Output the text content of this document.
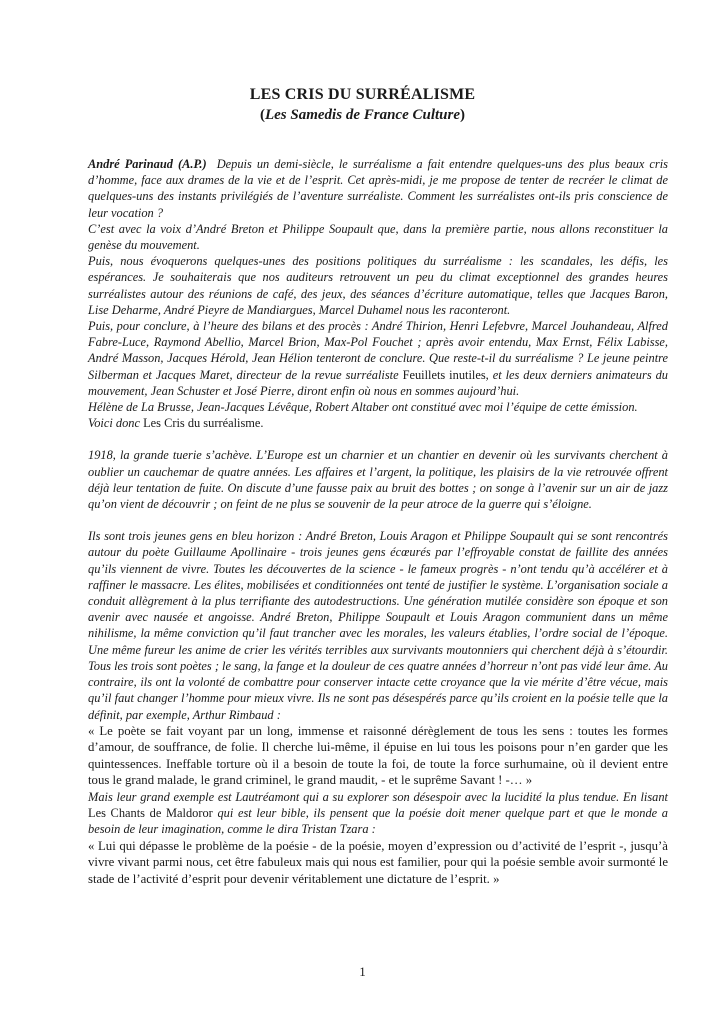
LES CRIS DU SURRÉALISME
(Les Samedis de France Culture)

André Parinaud (A.P.) Depuis un demi-siècle, le surréalisme a fait entendre quelques-uns des plus beaux cris d’homme, face aux drames de la vie et de l’esprit. Cet après-midi, je me propose de tenter de recréer le climat de quelques-uns des instants privilégiés de l’aventure surréaliste. Comment les surréalistes ont-ils pris conscience de leur vocation ?

C’est avec la voix d’André Breton et Philippe Soupault que, dans la première partie, nous allons reconstituer la genèse du mouvement.

Puis, nous évoquerons quelques-unes des positions politiques du surréalisme : les scandales, les défis, les espérances. Je souhaiterais que nos auditeurs retrouvent un peu du climat exceptionnel des grandes heures surréalistes autour des réunions de café, des jeux, des séances d’écriture automatique, telles que Jacques Baron, Lise Deharme, André Pieyre de Mandiargues, Marcel Duhamel nous les raconteront.

Puis, pour conclure, à l’heure des bilans et des procès : André Thirion, Henri Lefebvre, Marcel Jouhandeau, Alfred Fabre-Luce, Raymond Abellio, Marcel Brion, Max-Pol Fouchet ; après avoir entendu, Max Ernst, Félix Labisse, André Masson, Jacques Hérold, Jean Hélion tenteront de conclure. Que reste-t-il du surréalisme ? Le jeune peintre Silberman et Jacques Maret, directeur de la revue surréaliste Feuillets inutiles, et les deux derniers animateurs du mouvement, Jean Schuster et José Pierre, diront enfin où nous en sommes aujourd’hui.

Hélène de La Brusse, Jean-Jacques Lévêque, Robert Altaber ont constitué avec moi l’équipe de cette émission.

Voici donc Les Cris du surréalisme.

1918, la grande tuerie s’achève. L’Europe est un charnier et un chantier en devenir où les survivants cherchent à oublier un cauchemar de quatre années. Les affaires et l’argent, la politique, les plaisirs de la vie retrouvée offrent déjà leur tentation de fuite. On discute d’une fausse paix au bruit des bottes ; on songe à l’avenir sur un air de jazz qu’on vient de découvrir ; on feint de ne plus se souvenir de la peur atroce de la guerre qui s’éloigne.

Ils sont trois jeunes gens en bleu horizon : André Breton, Louis Aragon et Philippe Soupault qui se sont rencontrés autour du poète Guillaume Apollinaire - trois jeunes gens écœurés par l’effroyable constat de faillite des années qu’ils viennent de vivre. Toutes les découvertes de la science - le fameux progrès - n’ont tendu qu’à accélérer et à raffiner le massacre. Les élites, mobilisées et conditionnées ont tenté de justifier le système. L’organisation sociale a conduit allègrement à la plus terrifiante des autodestructions. Une génération mutilée considère son époque et son avenir avec nausée et angoisse. André Breton, Philippe Soupault et Louis Aragon communient dans un même nihilisme, la même conviction qu’il faut trancher avec les morales, les valeurs établies, l’ordre social de l’époque. Une même fureur les anime de crier les vérités terribles aux survivants moutonniers qui cherchent déjà à s’étourdir. Tous les trois sont poètes ; le sang, la fange et la douleur de ces quatre années d’horreur n’ont pas vidé leur âme. Au contraire, ils ont la volonté de combattre pour conserver intacte cette croyance que la vie mérite d’être vécue, mais qu’il faut changer l’homme pour mieux vivre. Ils ne sont pas désespérés parce qu’ils croient en la poésie telle que la définit, par exemple, Arthur Rimbaud :

« Le poète se fait voyant par un long, immense et raisonné dérèglement de tous les sens : toutes les formes d’amour, de souffrance, de folie. Il cherche lui-même, il épuise en lui tous les poisons pour n’en garder que les quintessences. Ineffable torture où il a besoin de toute la foi, de toute la force surhumaine, où il devient entre tous le grand malade, le grand criminel, le grand maudit, - et le suprême Savant ! -… »

Mais leur grand exemple est Lautréamont qui a su explorer son désespoir avec la lucidité la plus tendue. En lisant Les Chants de Maldoror qui est leur bible, ils pensent que la poésie doit mener quelque part et que le monde a besoin de leur imagination, comme le dira Tristan Tzara :

« Lui qui dépasse le problème de la poésie - de la poésie, moyen d’expression ou d’activité de l’esprit -, jusqu’à vivre vivant parmi nous, cet être fabuleux mais qui nous est familier, pour qui la poésie semble avoir surmonté le stade de l’activité d’esprit pour devenir véritablement une dictature de l’esprit. »

1
